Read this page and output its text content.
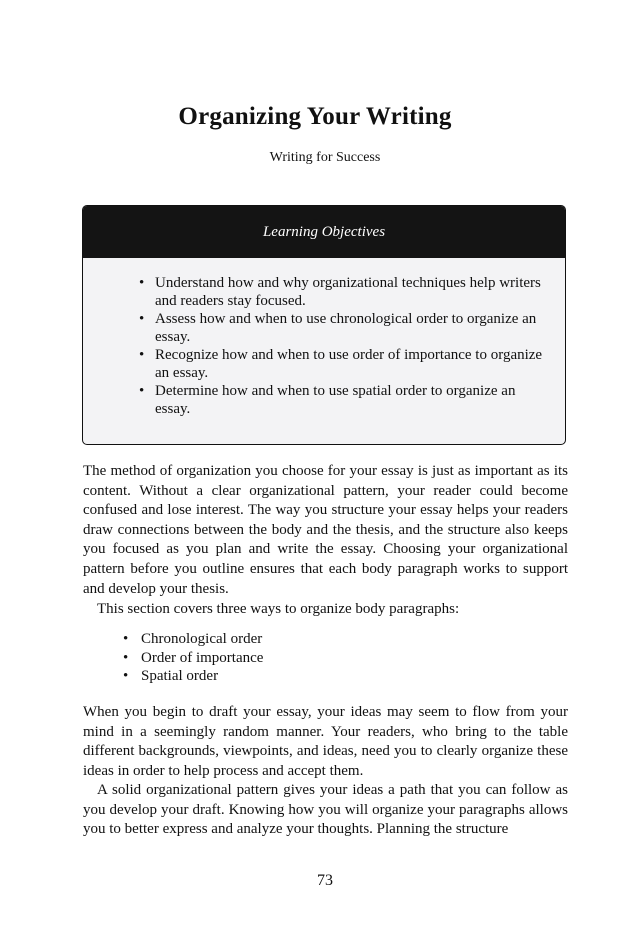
Organizing Your Writing
Writing for Success
Learning Objectives
• Understand how and why organizational techniques help writers and readers stay focused.
• Assess how and when to use chronological order to organize an essay.
• Recognize how and when to use order of importance to organize an essay.
• Determine how and when to use spatial order to organize an essay.

The method of organization you choose for your essay is just as important as its content. Without a clear organizational pattern, your reader could become confused and lose interest. The way you structure your essay helps your readers draw connections between the body and the thesis, and the structure also keeps you focused as you plan and write the essay. Choosing your organizational pattern before you outline ensures that each body paragraph works to support and develop your thesis.

This section covers three ways to organize body paragraphs:

• Chronological order
• Order of importance
• Spatial order

When you begin to draft your essay, your ideas may seem to flow from your mind in a seemingly random manner. Your readers, who bring to the table different backgrounds, viewpoints, and ideas, need you to clearly organize these ideas in order to help process and accept them.

A solid organizational pattern gives your ideas a path that you can follow as you develop your draft. Knowing how you will organize your paragraphs allows you to better express and analyze your thoughts. Planning the structure

73
